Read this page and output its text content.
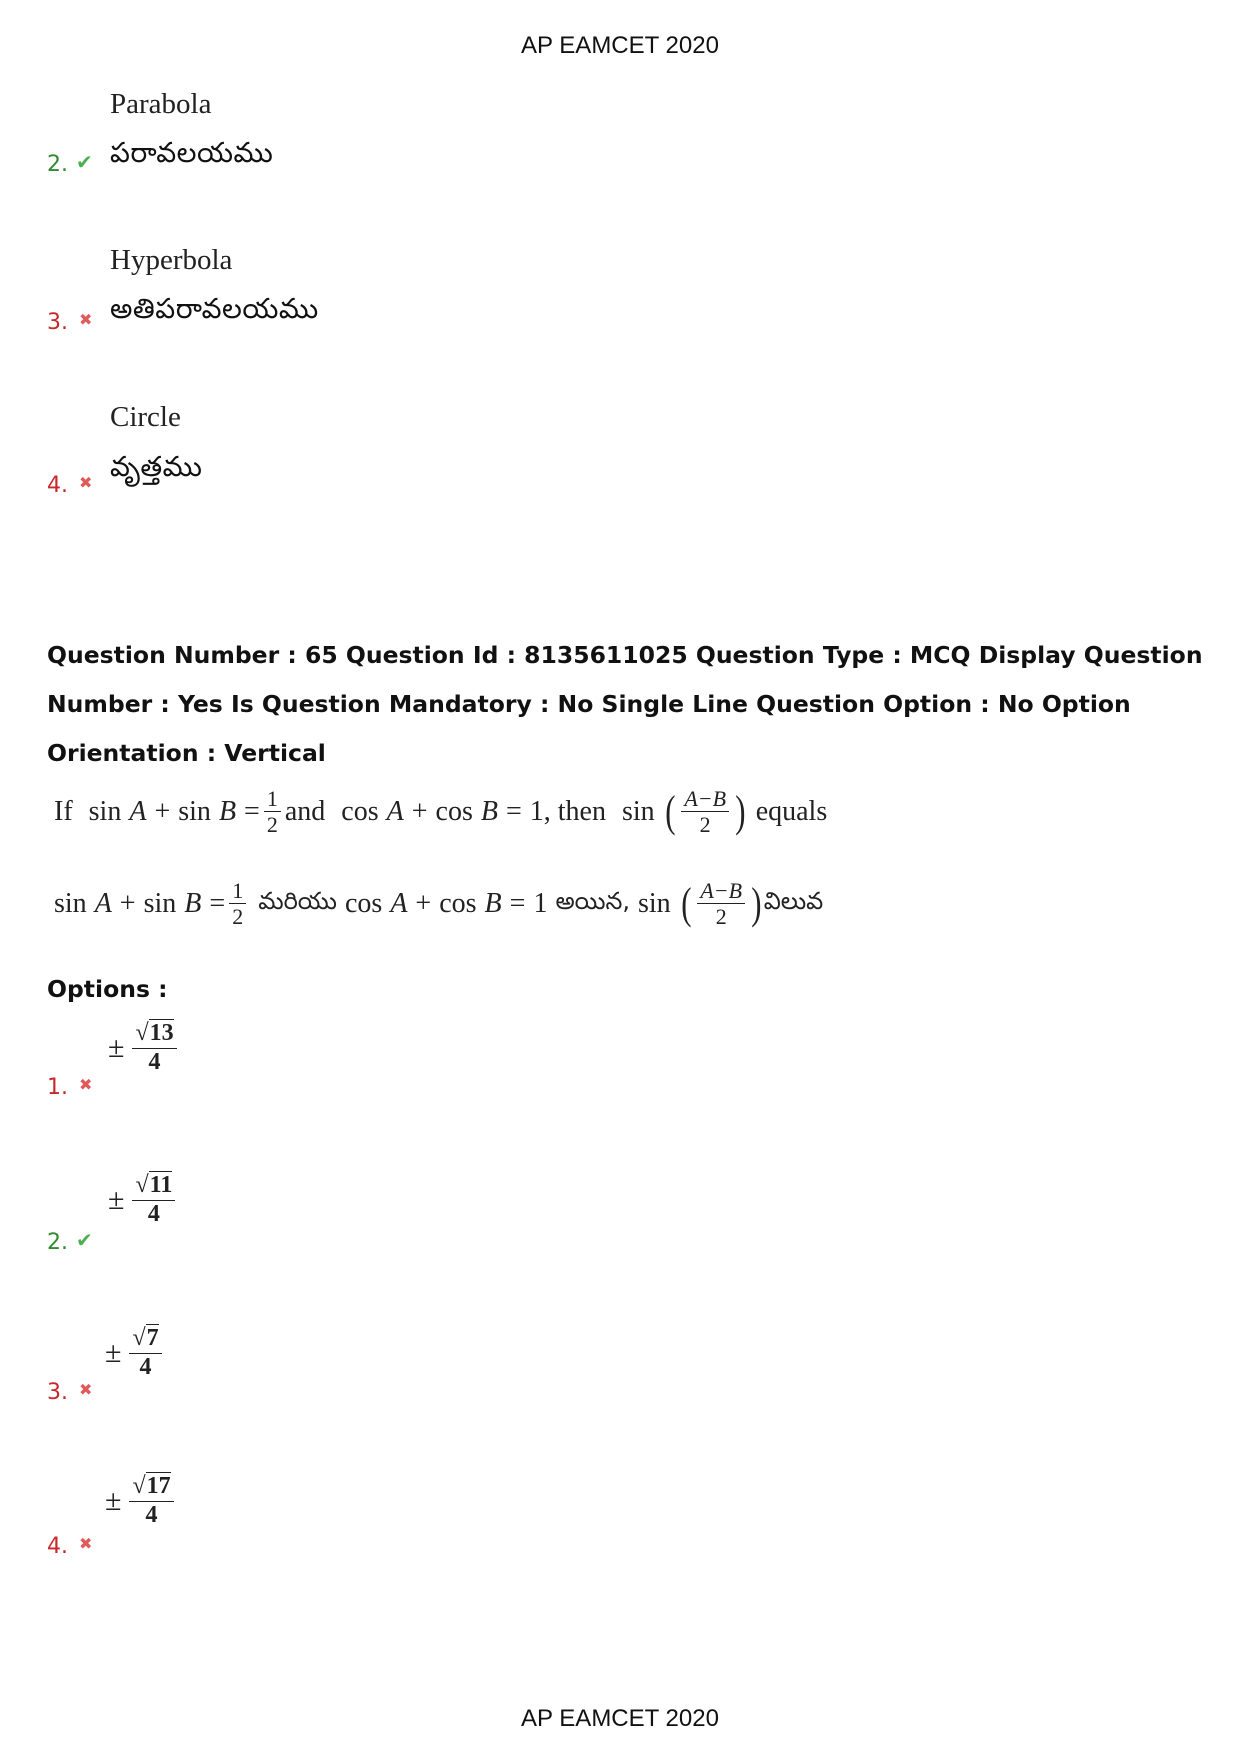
AP EAMCET 2020
Parabola
పరావలయము
2. ✔
Hyperbola
అతిపరావలయము
3. ✖
Circle
వృత్తము
4. ✖
Question Number : 65 Question Id : 8135611025 Question Type : MCQ Display Question
Number : Yes Is Question Mandatory : No Single Line Question Option : No Option
Orientation : Vertical
If $\sin A + \sin B = \frac{1}{2}$ and cos A + cos B = 1 , then sin ( $\frac{A-B}{2}$ ) equals
$\sin A + \sin B = \frac{1}{2}$ మరియు cos A + cos B = 1 అయిన, sin ( $\frac{A-B}{2}$ ) విలువ
Options :
± $\frac{√13}{4}$
1. ✖
± $\frac{√11}{4}$
2. ✔
± $\frac{√7}{4}$
3. ✖
± $\frac{√17}{4}$
4. ✖
AP EAMCET 2020
